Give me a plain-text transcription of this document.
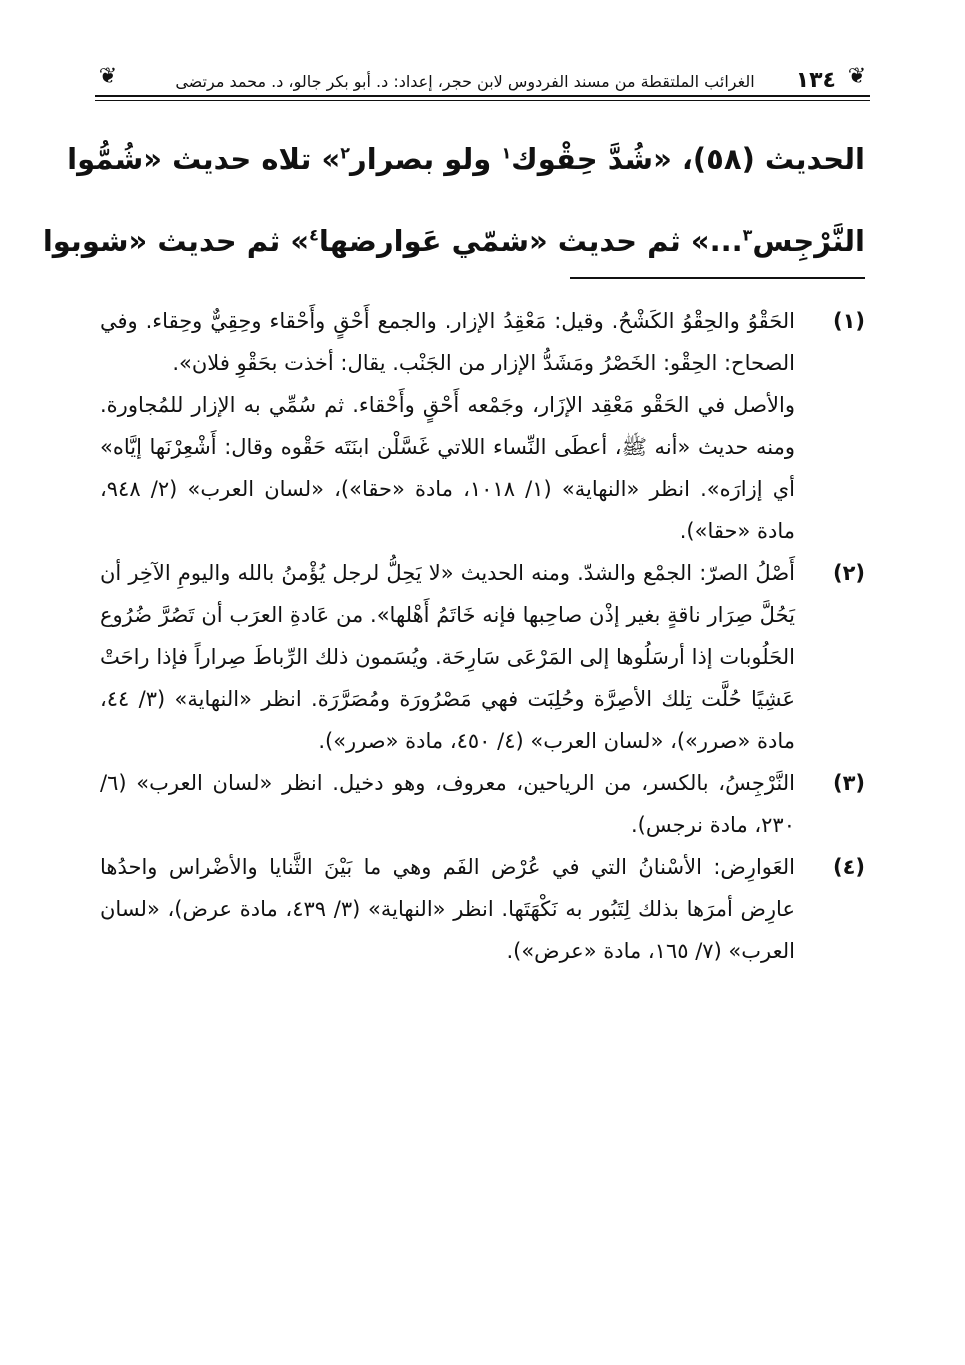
❦
١٣٤
الغرائب الملتقطة من مسند الفردوس لابن حجر، إعداد: د. أبو بكر جالو، د. محمد مرتضى
❦
الحديث (٥٨)، «شُدَّ حِقْوك$^١$ ولو بصرار$^٢$» تلاه حديث «شُمُّوا
النَّرْجِس$^٣$...» ثم حديث «شمّي عَوارضها$^٤$» ثم حديث «شوبوا
(١)

الحَقْوُ والحِقْوُ الكَشْحُ. وقيل: مَعْقِدُ الإزار. والجمع أَحْقٍ وأَحْقاء وحِقِيٌّ وحِقاء. وفي الصحاح: الحِقْو: الخَصْرُ ومَشَدُّ الإزار من الجَنْب. يقال: أخذت بحَقْوِ فلان».

والأصل في الحَقْو مَعْقِد الإزَار، وجَمْعه أَحْقٍ وأَحْقاء. ثم سُمِّي به الإزار للمُجاورة. ومنه حديث «أنه ﷺ، أعطَى النِّساء اللاتي غَسَّلْن ابنَتَه حَقْوه وقال: أَشْعِرْنَها إيَّاه» أي إزارَه». انظر «النهاية» (١/ ١٠١٨، مادة «حقا»)، «لسان العرب» (٢/ ٩٤٨، مادة «حقا»).

(٢)

أَصْلُ الصرّ: الجمْع والشدّ. ومنه الحديث «لا يَحِلُّ لرجل يُؤْمنُ بالله واليومِ الآخِر أن يَحُلَّ صِرَار ناقةٍ بغير إذْن صاحِبها فإنه خَاتَمُ أَهْلها». من عَادةِ العرَب أن تَصُرَّ ضُرُوع الحَلُوبات إذا أرسَلُوها إلى المَرْعَى سَارِحَة. ويُسَمون ذلك الرِّباطَ صِراراً فإذا راحَتْ عَشِيًا حُلَّت تِلك الأصِرَّة وحُلِبَت فهي مَصْرُورَة ومُصَرَّرَة. انظر «النهاية» (٣/ ٤٤، مادة «صرر»)، «لسان العرب» (٤/ ٤٥٠، مادة «صرر»).

(٣)

النَّرْجِسُ، بالكسر، من الرياحين، معروف، وهو دخيل. انظر «لسان العرب» (٦/ ٢٣٠، مادة نرجس).

(٤)

العَوارِض: الأسْنانُ التي في عُرْض الفَم وهي ما بَيْنَ الثَّنايا والأضْراس واحدُها عارِض أمرَها بذلك لِتَبُور به نَكْهَتَها. انظر «النهاية» (٣/ ٤٣٩، مادة عرض)، «لسان العرب» (٧/ ١٦٥، مادة «عرض»).
